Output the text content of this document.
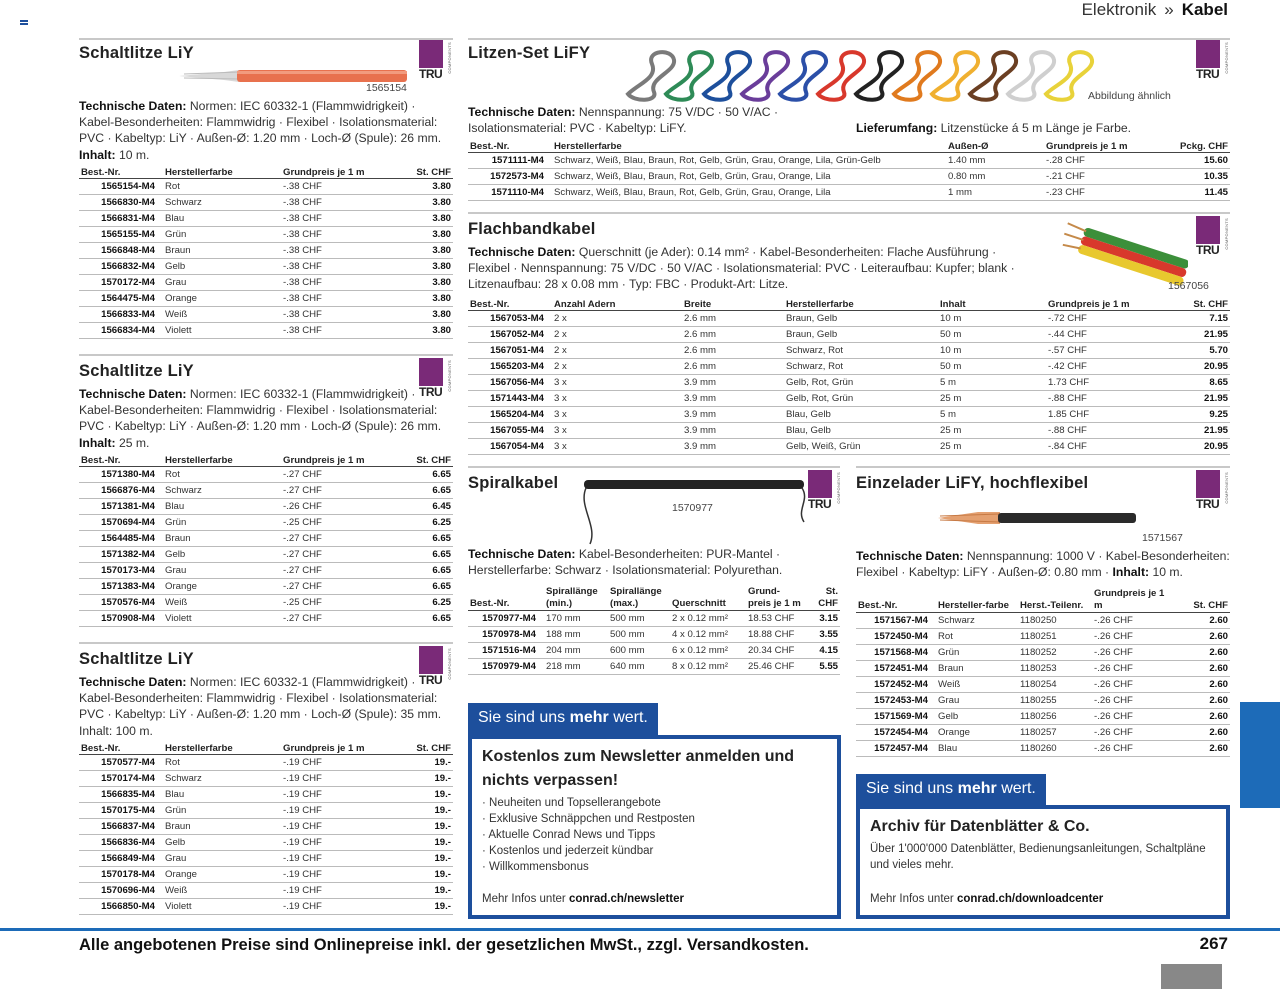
Elektronik » Kabel
Schaltlitze LiY
TRU
COMPONENTS
1565154
Technische Daten: Normen: IEC 60332-1 (Flammwidrigkeit) · Kabel-Besonderheiten: Flammwidrig · Flexibel · Isolationsmaterial: PVC · Kabeltyp: LiY · Außen-Ø: 1.20 mm · Loch-Ø (Spule): 26 mm.
Inhalt: 10 m.
Best.-Nr.	Herstellerfarbe	Grundpreis je 1 m	St. CHF
1565154-M4	Rot	-.38 CHF	3.80
1566830-M4	Schwarz	-.38 CHF	3.80
1566831-M4	Blau	-.38 CHF	3.80
1565155-M4	Grün	-.38 CHF	3.80
1566848-M4	Braun	-.38 CHF	3.80
1566832-M4	Gelb	-.38 CHF	3.80
1570172-M4	Grau	-.38 CHF	3.80
1564475-M4	Orange	-.38 CHF	3.80
1566833-M4	Weiß	-.38 CHF	3.80
1566834-M4	Violett	-.38 CHF	3.80
Schaltlitze LiY
TRU
COMPONENTS
Technische Daten: Normen: IEC 60332-1 (Flammwidrigkeit) · Kabel-Besonderheiten: Flammwidrig · Flexibel · Isolationsmaterial: PVC · Kabeltyp: LiY · Außen-Ø: 1.20 mm · Loch-Ø (Spule): 26 mm.
Inhalt: 25 m.
Best.-Nr.	Herstellerfarbe	Grundpreis je 1 m	St. CHF
1571380-M4	Rot	-.27 CHF	6.65
1566876-M4	Schwarz	-.27 CHF	6.65
1571381-M4	Blau	-.26 CHF	6.45
1570694-M4	Grün	-.25 CHF	6.25
1564485-M4	Braun	-.27 CHF	6.65
1571382-M4	Gelb	-.27 CHF	6.65
1570173-M4	Grau	-.27 CHF	6.65
1571383-M4	Orange	-.27 CHF	6.65
1570576-M4	Weiß	-.25 CHF	6.25
1570908-M4	Violett	-.27 CHF	6.65
Schaltlitze LiY
TRU
COMPONENTS
Technische Daten: Normen: IEC 60332-1 (Flammwidrigkeit) · Kabel-Besonderheiten: Flammwidrig · Flexibel · Isolationsmaterial: PVC · Kabeltyp: LiY · Außen-Ø: 1.20 mm · Loch-Ø (Spule): 35 mm.
Inhalt: 100 m.
Best.-Nr.	Herstellerfarbe	Grundpreis je 1 m	St. CHF
1570577-M4	Rot	-.19 CHF	19.-
1570174-M4	Schwarz	-.19 CHF	19.-
1566835-M4	Blau	-.19 CHF	19.-
1570175-M4	Grün	-.19 CHF	19.-
1566837-M4	Braun	-.19 CHF	19.-
1566836-M4	Gelb	-.19 CHF	19.-
1566849-M4	Grau	-.19 CHF	19.-
1570178-M4	Orange	-.19 CHF	19.-
1570696-M4	Weiß	-.19 CHF	19.-
1566850-M4	Violett	-.19 CHF	19.-
Litzen-Set LiFY
TRU
COMPONENTS
Abbildung ähnlich
Technische Daten: Nennspannung: 75 V/DC · 50 V/AC · Isolationsmaterial: PVC · Kabeltyp: LiFY.	Lieferumfang: Litzenstücke á 5 m Länge je Farbe.
Best.-Nr.	Herstellerfarbe	Außen-Ø	Grundpreis je 1 m	Pckg. CHF
1571111-M4	Schwarz, Weiß, Blau, Braun, Rot, Gelb, Grün, Grau, Orange, Lila, Grün-Gelb	1.40 mm	-.28 CHF	15.60
1572573-M4	Schwarz, Weiß, Blau, Braun, Rot, Gelb, Grün, Grau, Orange, Lila	0.80 mm	-.21 CHF	10.35
1571110-M4	Schwarz, Weiß, Blau, Braun, Rot, Gelb, Grün, Grau, Orange, Lila	1 mm	-.23 CHF	11.45
Flachbandkabel
TRU
COMPONENTS
1567056
Technische Daten: Querschnitt (je Ader): 0.14 mm² · Kabel-Besonderheiten: Flache Ausführung · Flexibel · Nennspannung: 75 V/DC · 50 V/AC · Isolationsmaterial: PVC · Leiteraufbau: Kupfer; blank · Litzenaufbau: 28 x 0.08 mm · Typ: FBC · Produkt-Art: Litze.
Best.-Nr.	Anzahl Adern	Breite	Herstellerfarbe	Inhalt	Grundpreis je 1 m	St. CHF
1567053-M4	2 x	2.6 mm	Braun, Gelb	10 m	-.72 CHF	7.15
1567052-M4	2 x	2.6 mm	Braun, Gelb	50 m	-.44 CHF	21.95
1567051-M4	2 x	2.6 mm	Schwarz, Rot	10 m	-.57 CHF	5.70
1565203-M4	2 x	2.6 mm	Schwarz, Rot	50 m	-.42 CHF	20.95
1567056-M4	3 x	3.9 mm	Gelb, Rot, Grün	5 m	1.73 CHF	8.65
1571443-M4	3 x	3.9 mm	Gelb, Rot, Grün	25 m	-.88 CHF	21.95
1565204-M4	3 x	3.9 mm	Blau, Gelb	5 m	1.85 CHF	9.25
1567055-M4	3 x	3.9 mm	Blau, Gelb	25 m	-.88 CHF	21.95
1567054-M4	3 x	3.9 mm	Gelb, Weiß, Grün	25 m	-.84 CHF	20.95
Spiralkabel
TRU
COMPONENTS
1570977
Technische Daten: Kabel-Besonderheiten: PUR-Mantel · Herstellerfarbe: Schwarz · Isolationsmaterial: Polyurethan.
Best.-Nr.	Spirallänge (min.)	Spirallänge (max.)	Querschnitt	Grund-preis je 1 m	St. CHF
1570977-M4	170 mm	500 mm	2 x 0.12 mm²	18.53 CHF	3.15
1570978-M4	188 mm	500 mm	4 x 0.12 mm²	18.88 CHF	3.55
1571516-M4	204 mm	600 mm	6 x 0.12 mm²	20.34 CHF	4.15
1570979-M4	218 mm	640 mm	8 x 0.12 mm²	25.46 CHF	5.55
Einzelader LiFY, hochflexibel
TRU
COMPONENTS
1571567
Technische Daten: Nennspannung: 1000 V · Kabel-Besonderheiten: Flexibel · Kabeltyp: LiFY · Außen-Ø: 0.80 mm · Inhalt: 10 m.
Best.-Nr.	Hersteller-farbe	Herst.-Teilenr.	Grundpreis je 1 m	St. CHF
1571567-M4	Schwarz	1180250	-.26 CHF	2.60
1572450-M4	Rot	1180251	-.26 CHF	2.60
1571568-M4	Grün	1180252	-.26 CHF	2.60
1572451-M4	Braun	1180253	-.26 CHF	2.60
1572452-M4	Weiß	1180254	-.26 CHF	2.60
1572453-M4	Grau	1180255	-.26 CHF	2.60
1571569-M4	Gelb	1180256	-.26 CHF	2.60
1572454-M4	Orange	1180257	-.26 CHF	2.60
1572457-M4	Blau	1180260	-.26 CHF	2.60
Sie sind uns mehr wert.
Kostenlos zum Newsletter anmelden und nichts verpassen!
· Neuheiten und Topsellerangebote
· Exklusive Schnäppchen und Restposten
· Aktuelle Conrad News und Tipps
· Kostenlos und jederzeit kündbar
· Willkommensbonus
Mehr Infos unter conrad.ch/newsletter
Sie sind uns mehr wert.
Archiv für Datenblätter & Co.
Über 1'000'000 Datenblätter, Bedienungsanleitungen, Schaltpläne und vieles mehr.
Mehr Infos unter conrad.ch/downloadcenter
Alle angebotenen Preise sind Onlinepreise inkl. der gesetzlichen MwSt., zzgl. Versandkosten.	267
